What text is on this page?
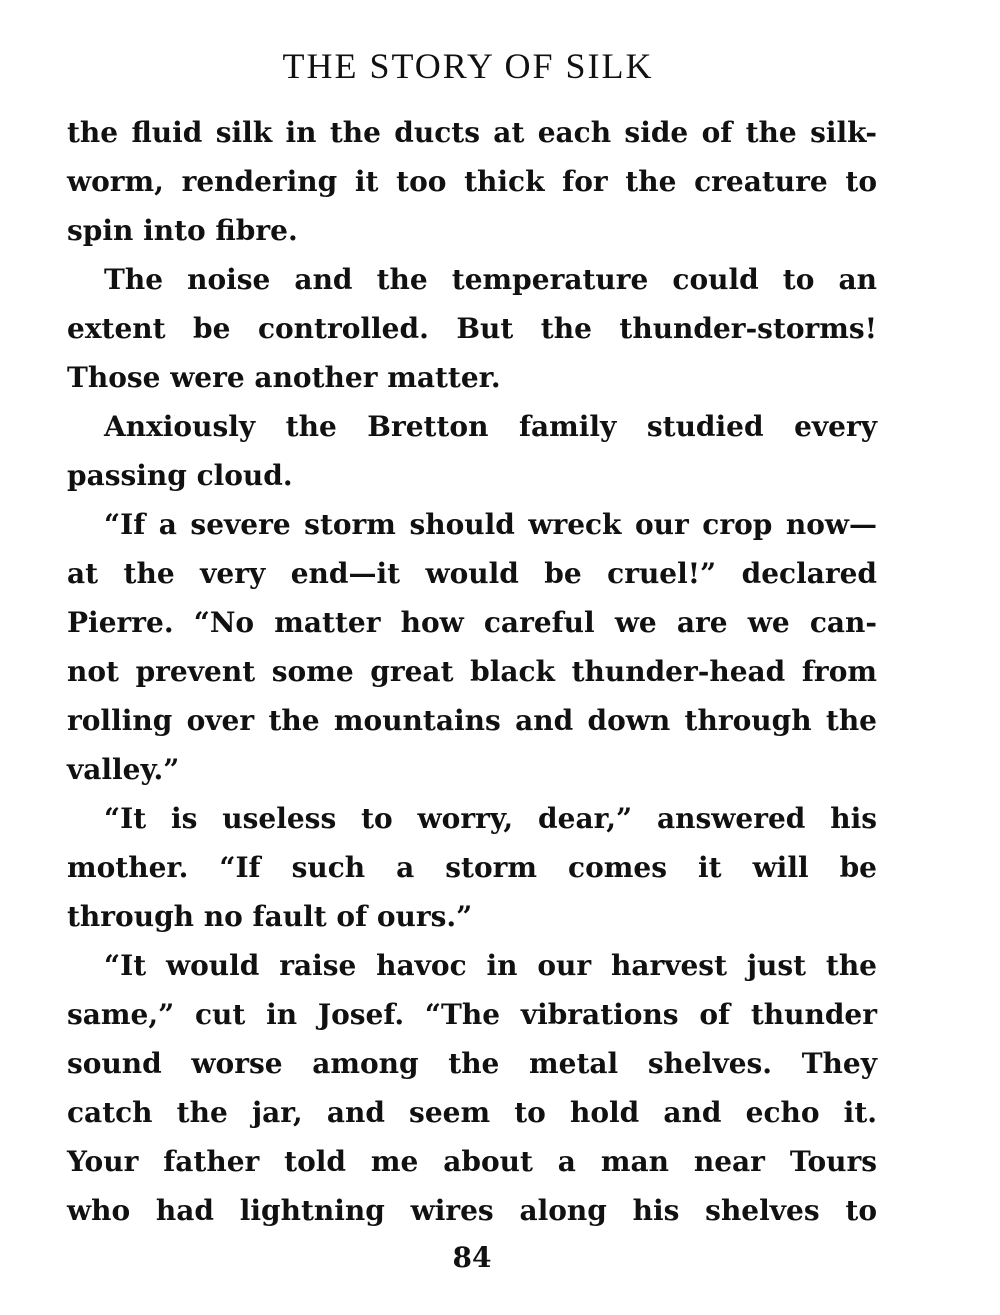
THE STORY OF SILK
the fluid silk in the ducts at each side of the silk-
worm, rendering it too thick for the creature to
spin into fibre.
The noise and the temperature could to an
extent be controlled. But the thunder-storms!
Those were another matter.
Anxiously the Bretton family studied every
passing cloud.
“If a severe storm should wreck our crop now—
at the very end—it would be cruel!” declared
Pierre. “No matter how careful we are we can-
not prevent some great black thunder-head from
rolling over the mountains and down through the
valley.”
“It is useless to worry, dear,” answered his
mother. “If such a storm comes it will be
through no fault of ours.”
“It would raise havoc in our harvest just the
same,” cut in Josef. “The vibrations of thunder
sound worse among the metal shelves. They
catch the jar, and seem to hold and echo it.
Your father told me about a man near Tours
who had lightning wires along his shelves to
84
